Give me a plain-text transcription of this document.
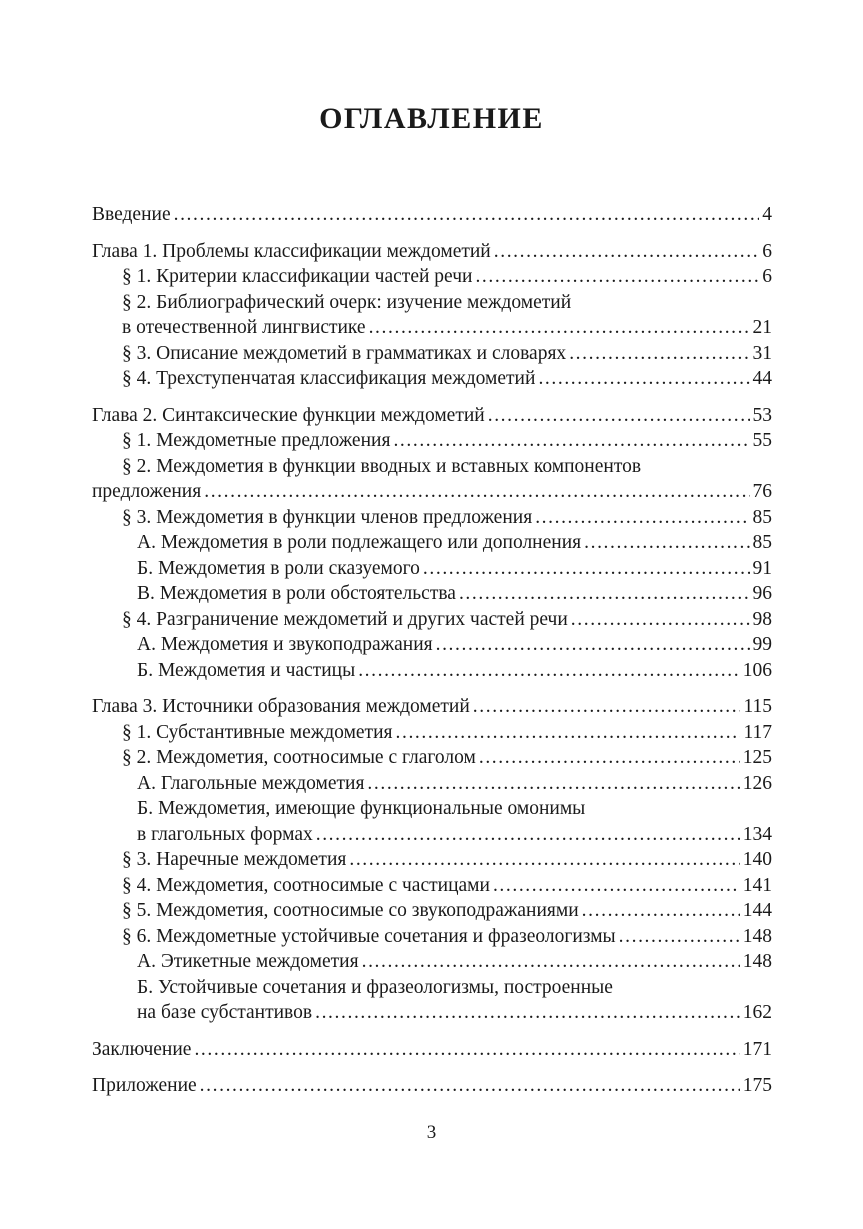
ОГЛАВЛЕНИЕ
Введение .....	4
Глава 1. Проблемы классификации междометий .....	6
§ 1. Критерии классификации частей речи .....	6
§ 2. Библиографический очерк: изучение междометий
в отечественной лингвистике .....	21
§ 3. Описание междометий в грамматиках и словарях .....	31
§ 4. Трехступенчатая классификация междометий .....	44
Глава 2. Синтаксические функции междометий .....	53
§ 1. Междометные предложения .....	55
§ 2. Междометия в функции вводных и вставных компонентов
предложения .....	76
§ 3. Междометия в функции членов предложения .....	85
А. Междометия в роли подлежащего или дополнения .....	85
Б. Междометия в роли сказуемого .....	91
В. Междометия в роли обстоятельства .....	96
§ 4. Разграничение междометий и других частей речи .....	98
А. Междометия и звукоподражания .....	99
Б. Междометия и частицы .....	106
Глава 3. Источники образования междометий .....	115
§ 1. Субстантивные междометия .....	117
§ 2. Междометия, соотносимые с глаголом .....	125
А. Глагольные междометия .....	126
Б. Междометия, имеющие функциональные омонимы
в глагольных формах .....	134
§ 3. Наречные междометия .....	140
§ 4. Междометия, соотносимые с частицами .....	141
§ 5. Междометия, соотносимые со звукоподражаниями .....	144
§ 6. Междометные устойчивые сочетания и фразеологизмы .....	148
А. Этикетные междометия .....	148
Б. Устойчивые сочетания и фразеологизмы, построенные
на базе субстантивов .....	162
Заключение .....	171
Приложение .....	175
3
